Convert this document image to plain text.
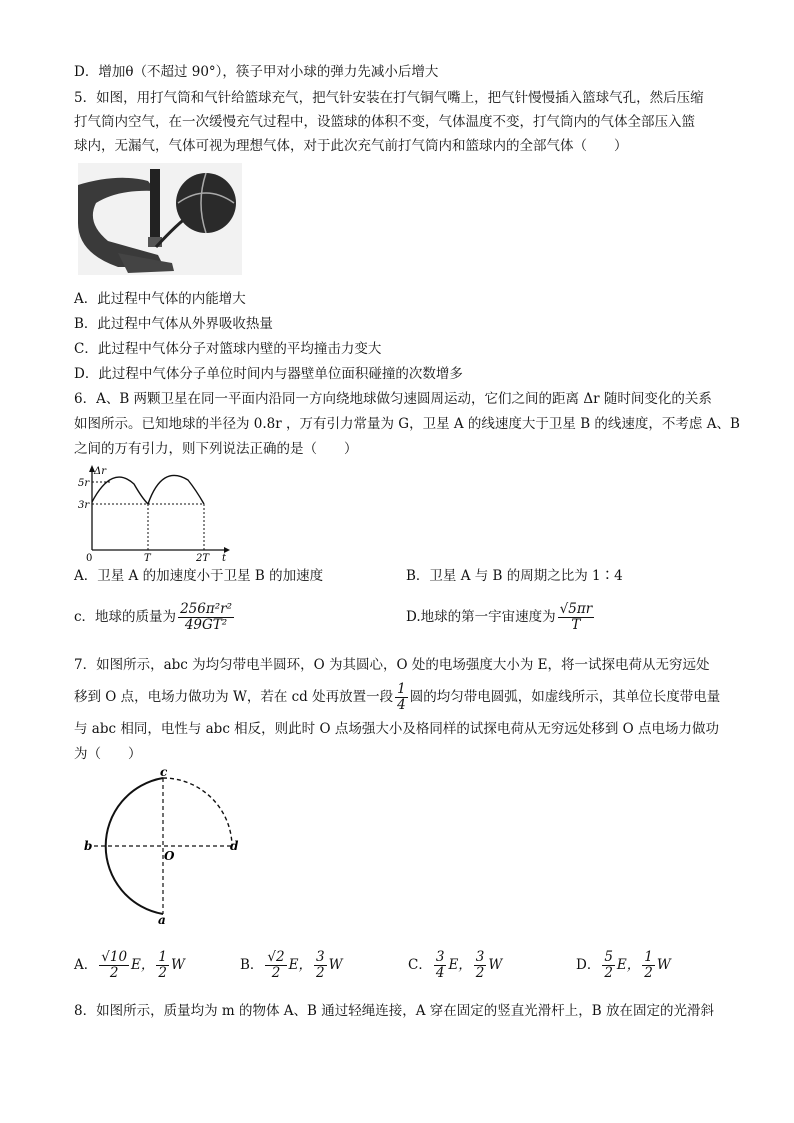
D．增加θ（不超过 90°），筷子甲对小球的弹力先减小后增大
5．如图，用打气筒和气针给篮球充气，把气针安装在打气铜气嘴上，把气针慢慢插入篮球气孔，然后压缩
打气筒内空气，在一次缓慢充气过程中，设篮球的体积不变，气体温度不变，打气筒内的气体全部压入篮
球内，无漏气，气体可视为理想气体，对于此次充气前打气筒内和篮球内的全部气体（　　）
A．此过程中气体的内能增大
B．此过程中气体从外界吸收热量
C．此过程中气体分子对篮球内壁的平均撞击力变大
D．此过程中气体分子单位时间内与器壁单位面积碰撞的次数增多
6．A、B 两颗卫星在同一平面内沿同一方向绕地球做匀速圆周运动，它们之间的距离 Δr 随时间变化的关系
如图所示。已知地球的半径为 0.8r ，万有引力常量为 G，卫星 A 的线速度大于卫星 B 的线速度，不考虑 A、B
之间的万有引力，则下列说法正确的是（　　）
Δr
t
5r
3r
0	T	2T
A．卫星 A 的加速度小于卫星 B 的加速度	B．卫星 A 与 B 的周期之比为 1∶4
c．地球的质量为 $\frac{\text{256π²r²}}{\text{49GT²}}$	D.地球的第一宇宙速度为 $\frac{√5\pi r}{T}$
7．如图所示，abc 为均匀带电半圆环，O 为其圆心，O 处的电场强度大小为 E，将一试探电荷从无穷远处
移到 O 点，电场力做功为 W，若在 cd 处再放置一段 $\frac{1}{4}$ 圆的均匀带电圆弧，如虚线所示，其单位长度带电量
与 abc 相同，电性与 abc 相反，则此时 O 点场强大小及格同样的试探电荷从无穷远处移到 O 点电场力做功
为（　　）
c
b
O
d
a
A． $\frac{√10}{2}$ E， $\frac{1}{2}$ W	B． $\frac{√2}{2}$ E， $\frac{3}{2}$ W	C． $\frac{3}{4}$ E， $\frac{3}{2}$ W	D． $\frac{5}{2}$ E， $\frac{1}{2}$ W
8．如图所示，质量均为 m 的物体 A、B 通过轻绳连接，A 穿在固定的竖直光滑杆上，B 放在固定的光滑斜
